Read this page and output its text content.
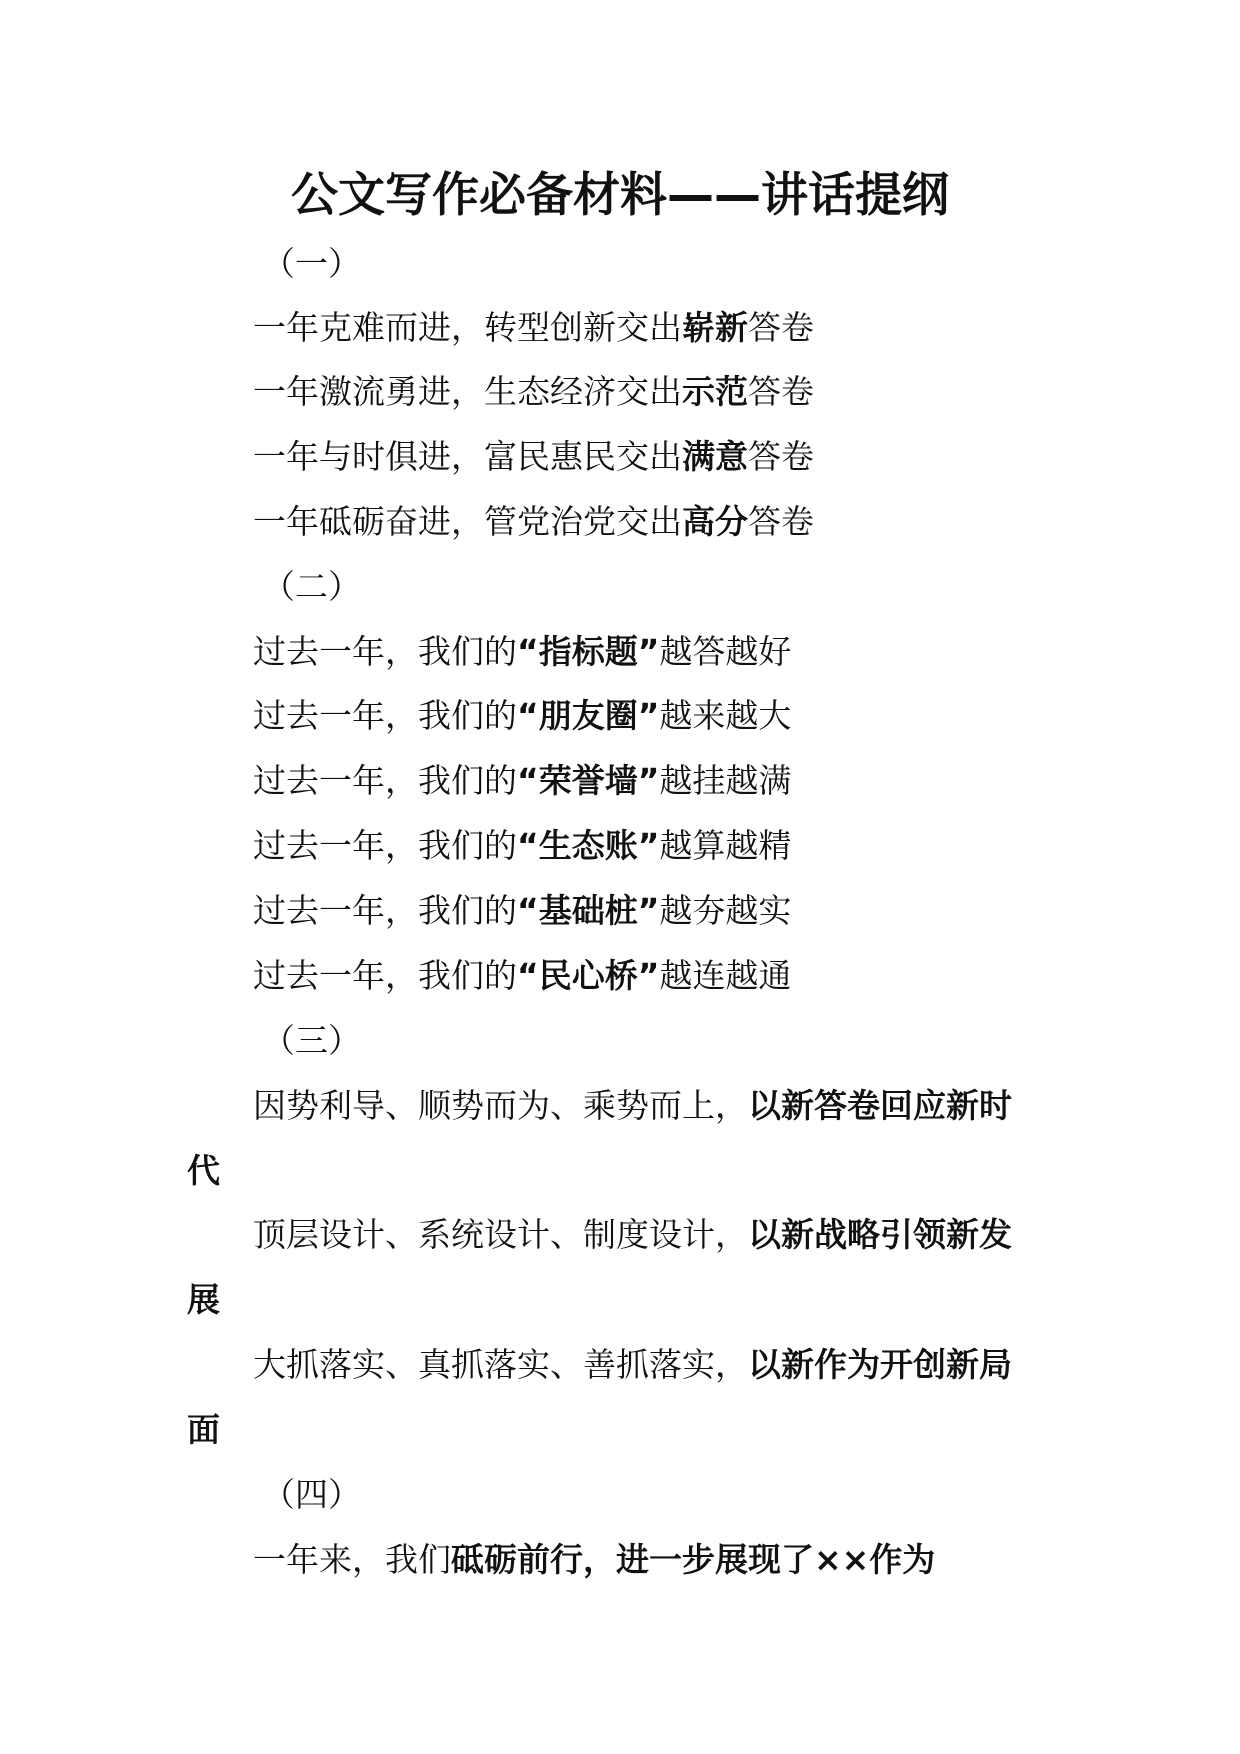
公文写作必备材料——讲话提纲
（一）
一年克难而进，转型创新交出崭新答卷
一年激流勇进，生态经济交出示范答卷
一年与时俱进，富民惠民交出满意答卷
一年砥砺奋进，管党治党交出高分答卷
（二）
过去一年，我们的“指标题”越答越好
过去一年，我们的“朋友圈”越来越大
过去一年，我们的“荣誉墙”越挂越满
过去一年，我们的“生态账”越算越精
过去一年，我们的“基础桩”越夯越实
过去一年，我们的“民心桥”越连越通
（三）
因势利导、顺势而为、乘势而上，以新答卷回应新时
代
顶层设计、系统设计、制度设计，以新战略引领新发
展
大抓落实、真抓落实、善抓落实，以新作为开创新局
面
（四）
一年来，我们砥砺前行，进一步展现了××作为
